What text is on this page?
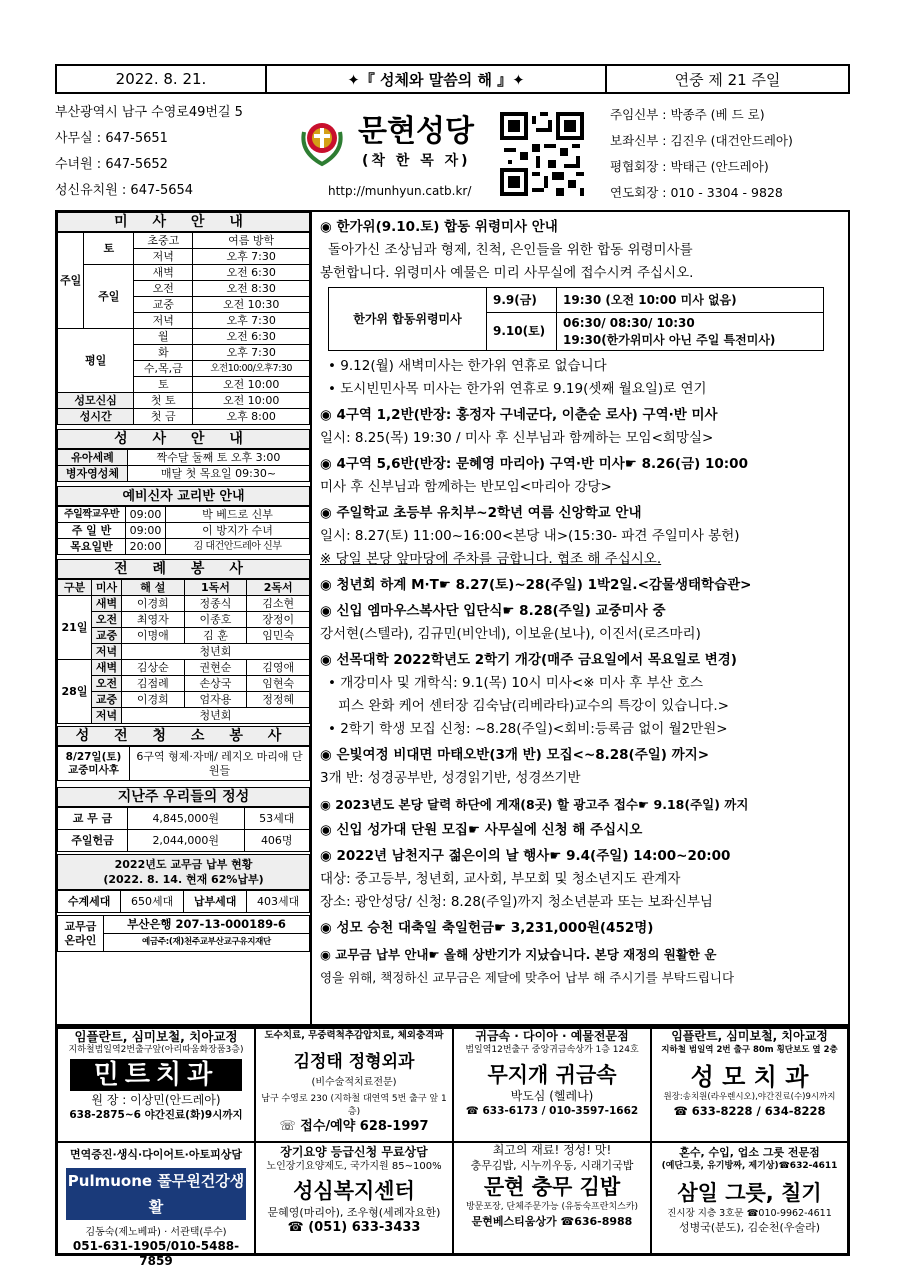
2022. 8. 21.	✦『 성체와 말씀의 해 』✦	연중 제 21 주일
부산광역시 남구 수영로49번길 5
사무실 : 647-5651
수녀원 : 647-5652
성신유치원 : 647-5654
문현성당
(착 한 목 자)
http://munhyun.catb.kr/
주임신부 : 박종주 (베 드 로)
보좌신부 : 김진우 (대건안드레아)
평협회장 : 박태근 (안드레아)
연도회장 : 010 - 3304 - 9828
미 사 안 내
주일	토	초중고	여름 방학
		저녁	오후 7:30
	주일	새벽	오전 6:30
		오전	오전 8:30
		교중	오전 10:30
		저녁	오후 7:30
평일		월	오전 6:30
		화	오후 7:30
		수,목,금	오전10:00/오후7:30
		토	오전 10:00
성모신심		첫 토	오전 10:00
성시간		첫 금	오후 8:00
성 사 안 내
유아세례	짝수달 둘째 토 오후 3:00
병자영성체	매달 첫 목요일 09:30~
예비신자 교리반 안내
주일짝교우반	09:00	박 베드로 신부
주 일 반	09:00	이 방지가 수녀
목요일반	20:00	김 대건안드레아 신부
전 례 봉 사
구분	미사	해 설	1독서	2독서
21일	새벽	이경희	정종식	김소현
	오전	최영자	이종호	장정이
	교중	이명애	김 훈	임민숙
	저녁	청년회		
28일	새벽	김상순	권현순	김영애
	오전	김점례	손상국	임현숙
	교중	이경희	엄자용	정정혜
	저녁	청년회		
성 전 청 소 봉 사
8/27일(토) 교중미사후	6구역 형제·자매/ 레지오 마리애 단원들
지난주 우리들의 정성
교 무 금	4,845,000원	53세대
주일헌금	2,044,000원	406명
2022년도 교무금 납부 현황
(2022. 8. 14. 현재 62%납부)
수계세대	650세대	납부세대	403세대
교무금
온라인	부산은행 207-13-000189-6
예금주:(재)천주교부산교구유지재단
◉ 한가위(9.10.토) 합동 위령미사 안내
돌아가신 조상님과 형제, 친척, 은인들을 위한 합동 위령미사를
봉헌합니다. 위령미사 예물은 미리 사무실에 접수시켜 주십시오.
한가위 합동위령미사	9.9(금)	19:30 (오전 10:00 미사 없음)
	9.10(토)	06:30/ 08:30/ 10:30
19:30(한가위미사 아닌 주일 특전미사)
• 9.12(월) 새벽미사는 한가위 연휴로 없습니다
• 도시빈민사목 미사는 한가위 연휴로 9.19(셋째 월요일)로 연기
◉ 4구역 1,2반(반장: 홍정자 구네군다, 이춘순 로사) 구역·반 미사
일시: 8.25(목) 19:30 / 미사 후 신부님과 함께하는 모임<희망실>
◉ 4구역 5,6반(반장: 문혜영 마리아) 구역·반 미사☛ 8.26(금) 10:00
미사 후 신부님과 함께하는 반모임<마리아 강당>
◉ 주일학교 초등부 유치부~2학년 여름 신앙학교 안내
일시: 8.27(토) 11:00~16:00<본당 내>(15:30- 파견 주일미사 봉헌)
※ 당일 본당 앞마당에 주차를 금합니다. 협조 해 주십시오.
◉ 청년회 하계 M·T☛ 8.27(토)~28(주일) 1박2일.<감물생태학습관>
◉ 신입 엠마우스복사단 입단식☛ 8.28(주일) 교중미사 중
강서현(스텔라), 김규민(비안네), 이보윤(보나), 이진서(로즈마리)
◉ 선목대학 2022학년도 2학기 개강(매주 금요일에서 목요일로 변경)
• 개강미사 및 개학식: 9.1(목) 10시 미사<※ 미사 후 부산 호스
피스 완화 케어 센터장 김숙남(리베라타)교수의 특강이 있습니다.>
• 2학기 학생 모집 신청: ~8.28(주일)<회비:등록금 없이 월2만원>
◉ 은빛여정 비대면 마태오반(3개 반) 모집<~8.28(주일) 까지>
3개 반: 성경공부반, 성경읽기반, 성경쓰기반
◉ 2023년도 본당 달력 하단에 게재(8곳) 할 광고주 접수☛ 9.18(주일) 까지
◉ 신입 성가대 단원 모집☛ 사무실에 신청 해 주십시오
◉ 2022년 남천지구 젊은이의 날 행사☛ 9.4(주일) 14:00~20:00
대상: 중고등부, 청년회, 교사회, 부모회 및 청소년지도 관계자
장소: 광안성당/ 신청: 8.28(주일)까지 청소년분과 또는 보좌신부님
◉ 성모 승천 대축일 축일헌금☛ 3,231,000원(452명)
◉ 교무금 납부 안내☛ 올해 상반기가 지났습니다. 본당 재정의 원활한 운
영을 위해, 책정하신 교무금은 제달에 맞추어 납부 해 주시기를 부탁드립니다
임플란트, 심미보철, 치아교정
지하철범일역2번출구앞(아리따움화장품3층)
민트치과
원 장 : 이상민(안드레아)
638-2875~6 야간진료(화)9시까지
도수치료, 무중력척추감압치료, 체외충격파
김정태 정형외과
(비수술적치료전문)
남구 수영로 230 (지하철 대연역 5번 출구 앞 1층)
☏ 접수/예약 628-1997
귀금속 · 다이아 · 예물전문점
범일역12번출구 중앙귀금속상가 1층 124호
무지개 귀금속
박도심 (헬레나)
☎ 633-6173 / 010-3597-1662
임플란트, 심미보철, 치아교정
지하철 범일역 2번 출구 80m 횡단보도 옆 2층
성 모 치 과
원장:송치원(라우렌시오),야간진료(수)9시까지
☎ 633-8228 / 634-8228
면역증진·생식·다이어트·아토피상담
Pulmuone 풀무원건강생활
김동숙(제노베파) · 서관택(루수)
051-631-1905/010-5488-7859
장기요양 등급신청 무료상담
노인장기요양제도, 국가지원 85~100%
성심복지센터
문혜영(마리아), 조우형(세례자요한)
☎ (051) 633-3433
최고의 재료! 정성! 맛!
충무김밥, 시누끼우동, 시래기국밥
문현 충무 김밥
방문포장, 단체주문가능 (유동숙프란치스카)
문현베스티움상가 ☎636-8988
혼수, 수입, 업소 그릇 전문점
(예단그릇, 유기방짜, 제기상)☎632-4611
삼일 그릇, 칠기
진시장 지층 3호문 ☎010-9962-4611
성병국(분도), 김순천(우술라)
